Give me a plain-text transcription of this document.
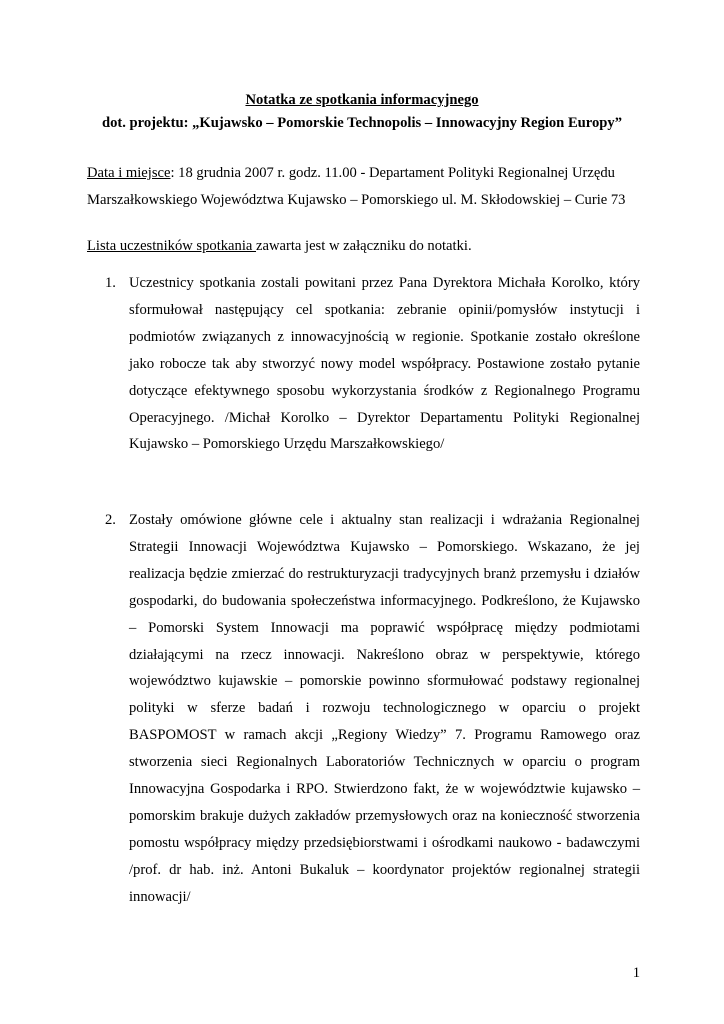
Notatka ze spotkania informacyjnego
dot. projektu: „Kujawsko – Pomorskie Technopolis – Innowacyjny Region Europy”
Data i miejsce: 18 grudnia 2007 r. godz. 11.00 - Departament Polityki Regionalnej Urzędu Marszałkowskiego Województwa Kujawsko – Pomorskiego ul. M. Skłodowskiej – Curie 73
Lista uczestników spotkania zawarta jest w załączniku do notatki.
1. Uczestnicy spotkania zostali powitani przez Pana Dyrektora Michała Korolko, który sformułował następujący cel spotkania: zebranie opinii/pomysłów instytucji i podmiotów związanych z innowacyjnością w regionie. Spotkanie zostało określone jako robocze tak aby stworzyć nowy model współpracy. Postawione zostało pytanie dotyczące efektywnego sposobu wykorzystania środków z Regionalnego Programu Operacyjnego. /Michał Korolko – Dyrektor Departamentu Polityki Regionalnej Kujawsko – Pomorskiego Urzędu Marszałkowskiego/
2. Zostały omówione główne cele i aktualny stan realizacji i wdrażania Regionalnej Strategii Innowacji Województwa Kujawsko – Pomorskiego. Wskazano, że jej realizacja będzie zmierzać do restrukturyzacji tradycyjnych branż przemysłu i działów gospodarki, do budowania społeczeństwa informacyjnego. Podkreślono, że Kujawsko – Pomorski System Innowacji ma poprawić współpracę między podmiotami działającymi na rzecz innowacji. Nakreślono obraz w perspektywie, którego województwo kujawskie – pomorskie powinno sformułować podstawy regionalnej polityki w sferze badań i rozwoju technologicznego w oparciu o projekt BASPOMOST w ramach akcji „Regiony Wiedzy” 7. Programu Ramowego oraz stworzenia sieci Regionalnych Laboratoriów Technicznych w oparciu o program Innowacyjna Gospodarka i RPO. Stwierdzono fakt, że w województwie kujawsko – pomorskim brakuje dużych zakładów przemysłowych oraz na konieczność stworzenia pomostu współpracy między przedsiębiorstwami i ośrodkami naukowo - badawczymi /prof. dr hab. inż. Antoni Bukaluk – koordynator projektów regionalnej strategii innowacji/
1
